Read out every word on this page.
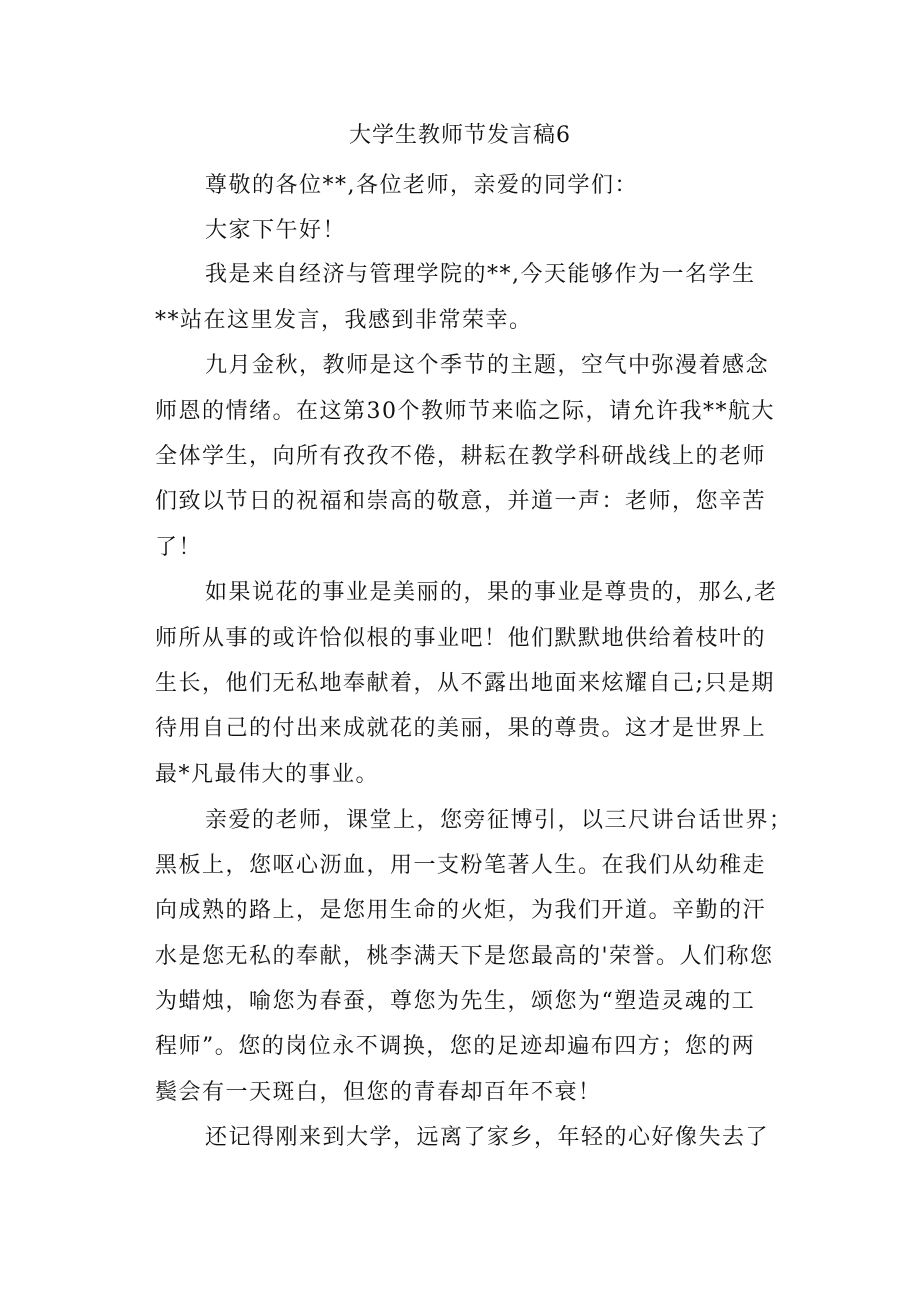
大学生教师节发言稿6
尊敬的各位**,各位老师，亲爱的同学们：
大家下午好！
我是来自经济与管理学院的**,今天能够作为一名学生
**站在这里发言，我感到非常荣幸。
九月金秋，教师是这个季节的主题，空气中弥漫着感念
师恩的情绪。在这第30个教师节来临之际，请允许我**航大
全体学生，向所有孜孜不倦，耕耘在教学科研战线上的老师
们致以节日的祝福和崇高的敬意，并道一声：老师，您辛苦
了！
如果说花的事业是美丽的，果的事业是尊贵的，那么,老
师所从事的或许恰似根的事业吧！他们默默地供给着枝叶的
生长，他们无私地奉献着，从不露出地面来炫耀自己;只是期
待用自己的付出来成就花的美丽，果的尊贵。这才是世界上
最*凡最伟大的事业。
亲爱的老师，课堂上，您旁征博引，以三尺讲台话世界；
黑板上，您呕心沥血，用一支粉笔著人生。在我们从幼稚走
向成熟的路上，是您用生命的火炬，为我们开道。辛勤的汗
水是您无私的奉献，桃李满天下是您最高的'荣誉。人们称您
为蜡烛，喻您为春蚕，尊您为先生，颂您为“塑造灵魂的工
程师”。您的岗位永不调换，您的足迹却遍布四方；您的两
鬓会有一天斑白，但您的青春却百年不衰！
还记得刚来到大学，远离了家乡，年轻的心好像失去了
